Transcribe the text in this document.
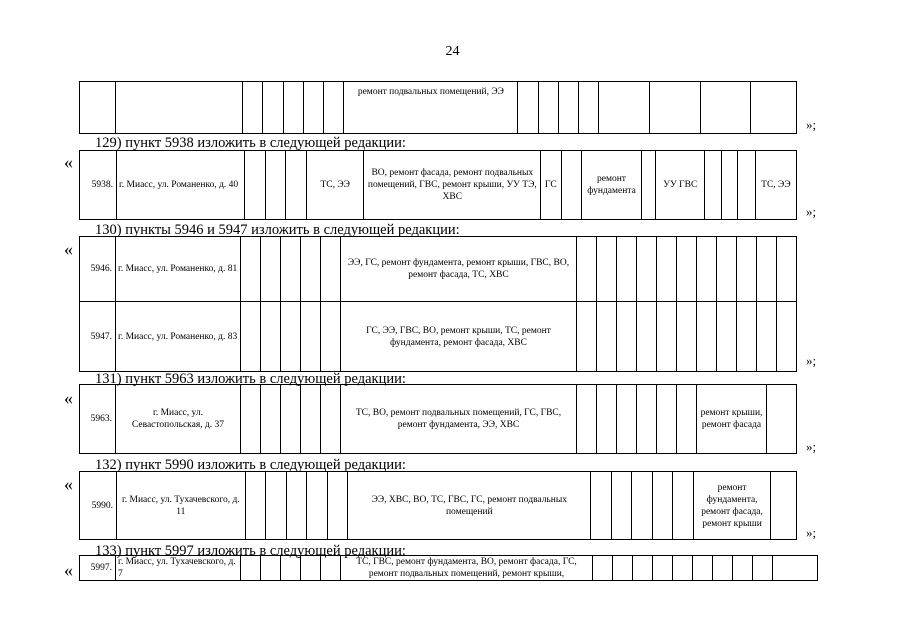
24
							ремонт подвальных помещений, ЭЭ								
»;
129) пункт 5938 изложить в следующей редакции:
«
5938.	г. Миасс, ул. Романенко, д. 40				ТС, ЭЭ	ВО, ремонт фасада, ремонт подвальных помещений, ГВС, ремонт крыши, УУ ТЭ, ХВС	ГС		ремонт фундамента		УУ ГВС				ТС, ЭЭ
»;
130) пункты 5946 и 5947 изложить в следующей редакции:
«
5946.	г. Миасс, ул. Романенко, д. 81						ЭЭ, ГС, ремонт фундамента, ремонт крыши, ГВС, ВО, ремонт фасада, ТС, ХВС											
5947.	г. Миасс, ул. Романенко, д. 83						ГС, ЭЭ, ГВС, ВО, ремонт крыши, ТС, ремонт фундамента, ремонт фасада, ХВС											
»;
131) пункт 5963 изложить в следующей редакции:
«
5963.	г. Миасс, ул. Севастопольская, д. 37						ТС, ВО, ремонт подвальных помещений, ГС, ГВС, ремонт фундамента, ЭЭ, ХВС							ремонт крыши, ремонт фасада	
»;
132) пункт 5990 изложить в следующей редакции:
«
5990.	г. Миасс, ул. Тухачевского, д. 11						ЭЭ, ХВС, ВО, ТС, ГВС, ГС, ремонт подвальных помещений						ремонт фундамента, ремонт фасада, ремонт крыши	
»;
133) пункт 5997 изложить в следующей редакции:
« 5997.	г. Миасс, ул. Тухачевского, д. 7						ТС, ГВС, ремонт фундамента, ВО, ремонт фасада, ГС, ремонт подвальных помещений, ремонт крыши,										
